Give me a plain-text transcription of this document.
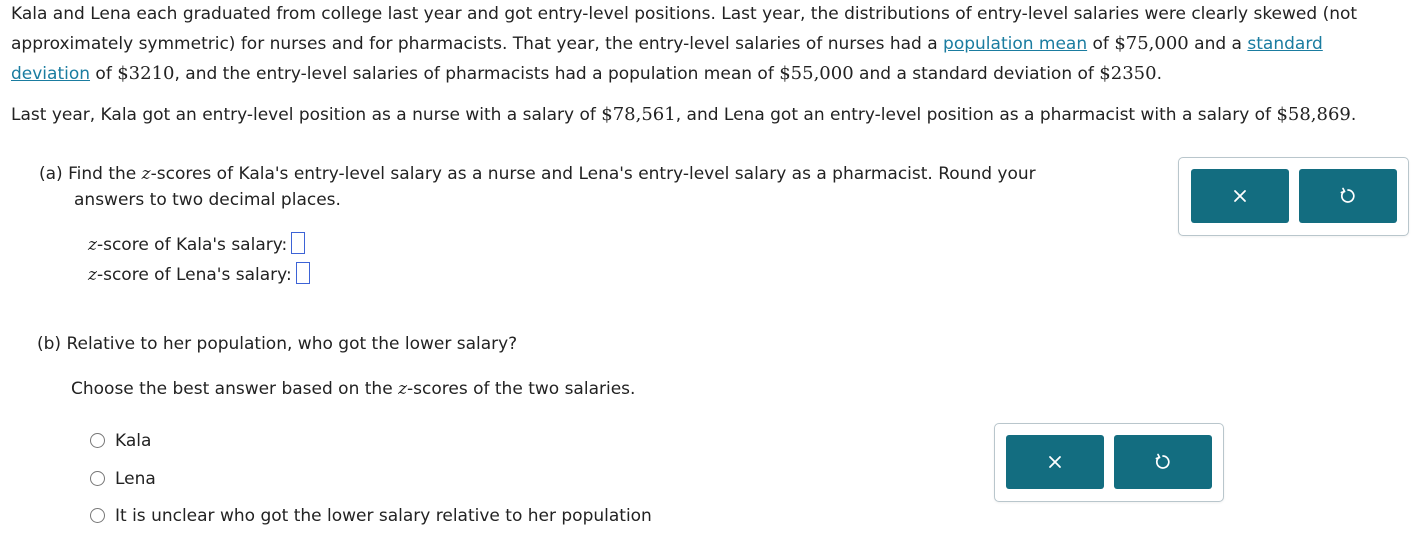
Kala and Lena each graduated from college last year and got entry-level positions. Last year, the distributions of entry-level salaries were clearly skewed (not approximately symmetric) for nurses and for pharmacists. That year, the entry-level salaries of nurses had a population mean of $75,000 and a standard deviation of $3210, and the entry-level salaries of pharmacists had a population mean of $55,000 and a standard deviation of $2350.
Last year, Kala got an entry-level position as a nurse with a salary of $78,561, and Lena got an entry-level position as a pharmacist with a salary of $58,869.
(a) Find the z-scores of Kala's entry-level salary as a nurse and Lena's entry-level salary as a pharmacist. Round your
answers to two decimal places.
z-score of Kala's salary:
z-score of Lena's salary:
(b) Relative to her population, who got the lower salary?
Choose the best answer based on the z-scores of the two salaries.
Kala
Lena
It is unclear who got the lower salary relative to her population
